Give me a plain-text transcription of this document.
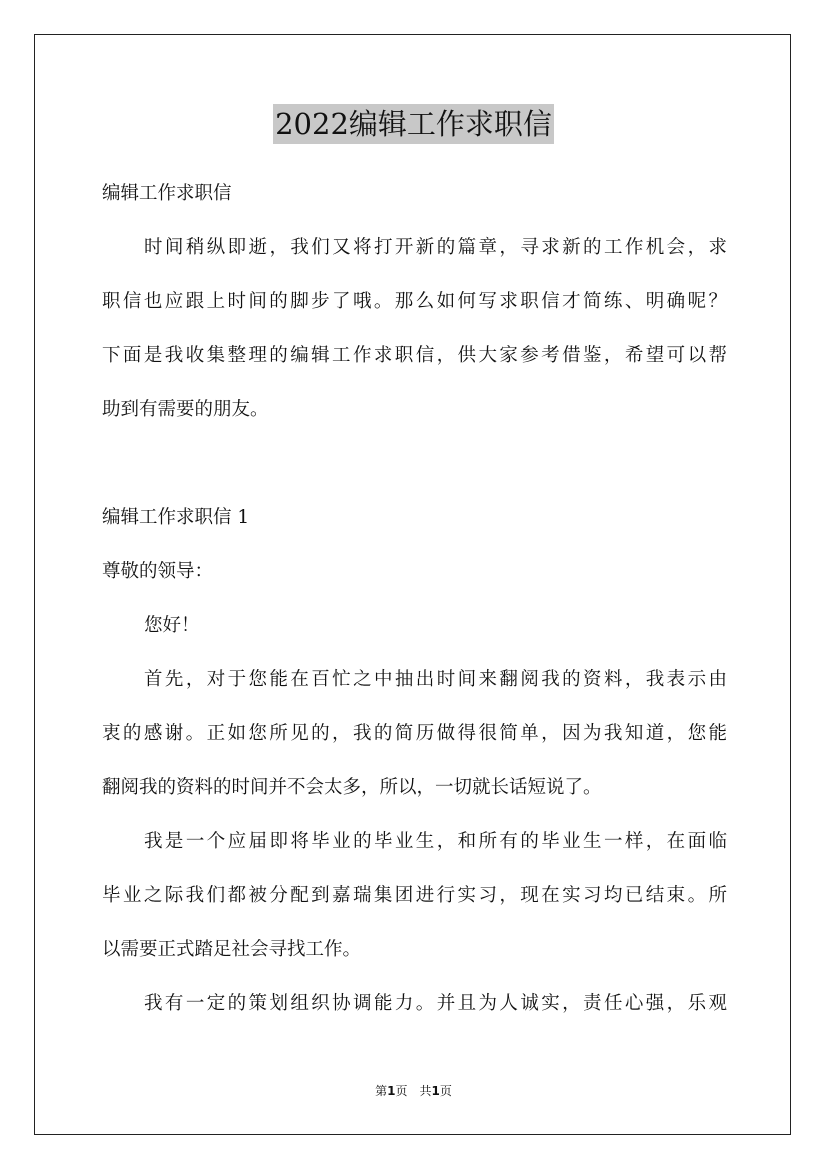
2022编辑工作求职信
编辑工作求职信
时间稍纵即逝，我们又将打开新的篇章，寻求新的工作机会，求
职信也应跟上时间的脚步了哦。那么如何写求职信才简练、明确呢？
下面是我收集整理的编辑工作求职信，供大家参考借鉴，希望可以帮
助到有需要的朋友。
编辑工作求职信 1
尊敬的领导：
您好！
首先，对于您能在百忙之中抽出时间来翻阅我的资料，我表示由
衷的感谢。正如您所见的，我的简历做得很简单，因为我知道，您能
翻阅我的资料的时间并不会太多，所以，一切就长话短说了。
我是一个应届即将毕业的毕业生，和所有的毕业生一样，在面临
毕业之际我们都被分配到嘉瑞集团进行实习，现在实习均已结束。所
以需要正式踏足社会寻找工作。
我有一定的策划组织协调能力。并且为人诚实，责任心强，乐观
第1页　共1页
